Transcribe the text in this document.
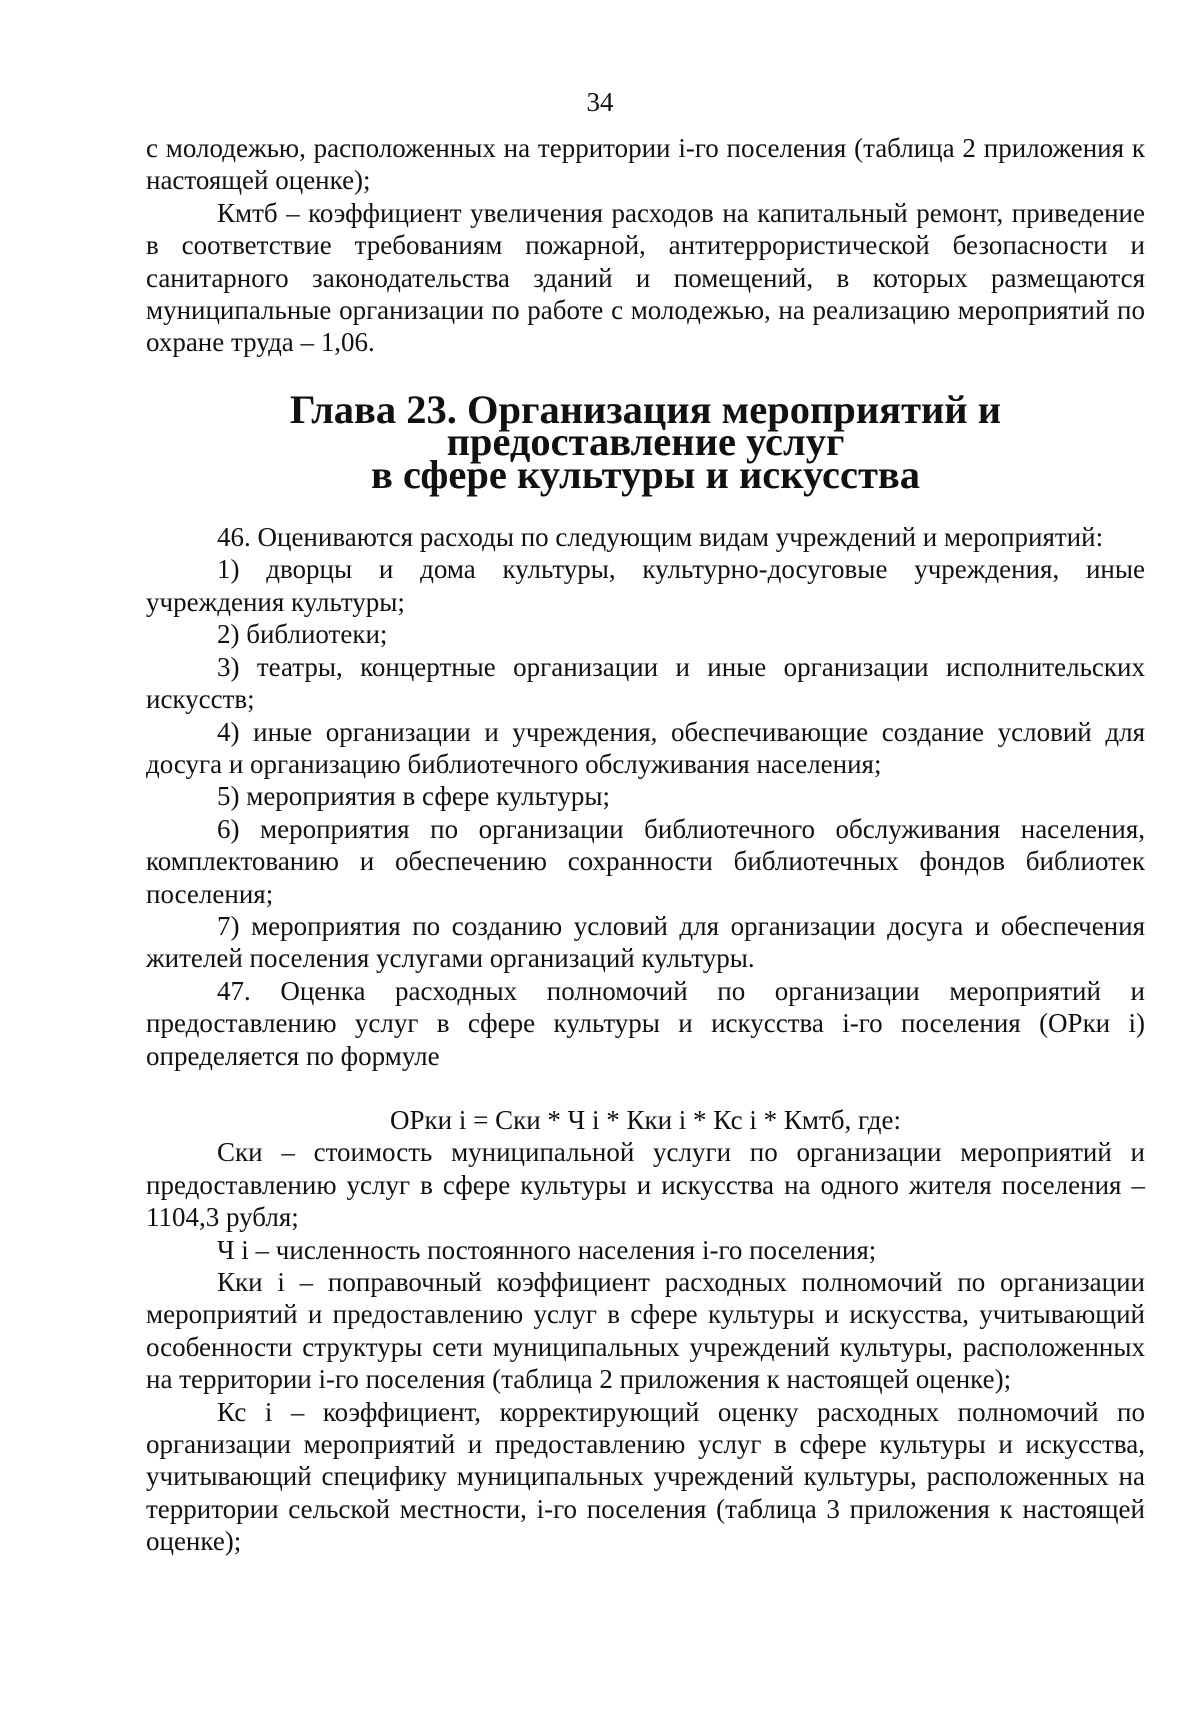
34

с молодежью, расположенных на территории i-го поселения (таблица 2 приложения к настоящей оценке);

Кмтб – коэффициент увеличения расходов на капитальный ремонт, приведение в соответствие требованиям пожарной, антитеррористической безопасности и санитарного законодательства зданий и помещений, в которых размещаются муниципальные организации по работе с молодежью, на реализацию мероприятий по охране труда – 1,06.

Глава 23. Организация мероприятий и предоставление услуг
в сфере культуры и искусства

46. Оцениваются расходы по следующим видам учреждений и мероприятий:

1) дворцы и дома культуры, культурно-досуговые учреждения, иные учреждения культуры;

2) библиотеки;

3) театры, концертные организации и иные организации исполнительских искусств;

4) иные организации и учреждения, обеспечивающие создание условий для досуга и организацию библиотечного обслуживания населения;

5) мероприятия в сфере культуры;

6) мероприятия по организации библиотечного обслуживания населения, комплектованию и обеспечению сохранности библиотечных фондов библиотек поселения;

7) мероприятия по созданию условий для организации досуга и обеспечения жителей поселения услугами организаций культуры.

47. Оценка расходных полномочий по организации мероприятий и предоставлению услуг в сфере культуры и искусства i-го поселения (ОРки i) определяется по формуле

ОРки i = Ски * Ч i * Кки i * Кс i * Кмтб, где:

Ски – стоимость муниципальной услуги по организации мероприятий и предоставлению услуг в сфере культуры и искусства на одного жителя поселения – 1104,3 рубля;

Ч i – численность постоянного населения i-го поселения;

Кки i – поправочный коэффициент расходных полномочий по организации мероприятий и предоставлению услуг в сфере культуры и искусства, учитывающий особенности структуры сети муниципальных учреждений культуры, расположенных на территории i-го поселения (таблица 2 приложения к настоящей оценке);

Кс i – коэффициент, корректирующий оценку расходных полномочий по организации мероприятий и предоставлению услуг в сфере культуры и искусства, учитывающий специфику муниципальных учреждений культуры, расположенных на территории сельской местности, i-го поселения (таблица 3 приложения к настоящей оценке);
